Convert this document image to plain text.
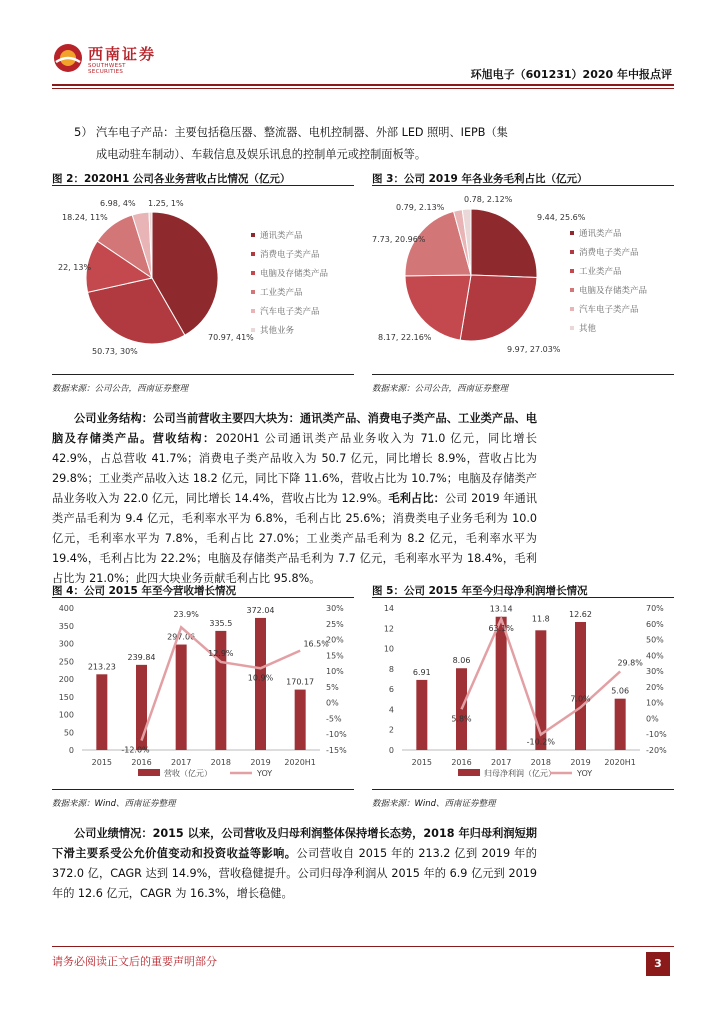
西南证券
SOUTHWEST SECURITIES	环旭电子（601231）2020 年中报点评
5） 汽车电子产品：主要包括稳压器、整流器、电机控制器、外部 LED 照明、IEPB（集
成电动驻车制动）、车载信息及娱乐讯息的控制单元或控制面板等。
图 2：2020H1 公司各业务营收占比情况（亿元）
70.97, 41%
50.73, 30%
22, 13%
18.24, 11%
6.98, 4% 1.25, 1%
通讯类产品
消费电子类产品
电脑及存储类产品
工业类产品
汽车电子类产品
其他业务
数据来源：公司公告，西南证券整理
图 3：公司 2019 年各业务毛利占比（亿元）
9.44, 25.6%
9.97, 27.03%
8.17, 22.16%
7.73, 20.96%
0.79, 2.13%
0.78, 2.12%
通讯类产品
消费电子类产品
工业类产品
电脑及存储类产品
汽车电子类产品
其他
数据来源：公司公告，西南证券整理
公司业务结构：公司当前营收主要四大块为：通讯类产品、消费电子类产品、工业类产品、电脑及存储类产品。营收结构：2020H1 公司通讯类产品业务收入为 71.0 亿元，同比增长 42.9%，占总营收 41.7%；消费电子类产品收入为 50.7 亿元，同比增长 8.9%，营收占比为 29.8%；工业类产品收入达 18.2 亿元，同比下降 11.6%，营收占比为 10.7%；电脑及存储类产品业务收入为 22.0 亿元，同比增长 14.4%，营收占比为 12.9%。毛利占比：公司 2019 年通讯类产品毛利为 9.4 亿元，毛利率水平为 6.8%，毛利占比 25.6%；消费类电子业务毛利为 10.0 亿元，毛利率水平为 7.8%，毛利占比 27.0%；工业类产品毛利为 8.2 亿元，毛利率水平为 19.4%，毛利占比为 22.2%；电脑及存储类产品毛利为 7.7 亿元，毛利率水平为 18.4%，毛利占比为 21.0%；此四大块业务贡献毛利占比 95.8%。
图 4：公司 2015 年至今营收增长情况
0
50
100
150
200
250
300
350
400
-15%
-10%
-5%
0%
5%
10%
15%
20%
25%
30%
213.23
2015
239.84
2016
297.06
2017
335.5
2018
372.04
2019
170.17
2020H1
-12.0%
23.9%
12.9%
10.9%
16.5%
营收（亿元）	YOY
数据来源：Wind、西南证券整理
图 5：公司 2015 年至今归母净利润增长情况
0
2
4
6
8
10
12
14
-20%
-10%
0%
10%
20%
30%
40%
50%
60%
70%
6.91
2015
8.06
2016
13.14
2017
11.8
2018
12.62
2019
5.06
2020H1
5.8%
63.1%
-10.2%
7.0%
29.8%
归母净利润（亿元）	YOY
数据来源：Wind、西南证券整理
公司业绩情况：2015 以来，公司营收及归母利润整体保持增长态势，2018 年归母利润短期下滑主要系受公允价值变动和投资收益等影响。公司营收自 2015 年的 213.2 亿到 2019 年的 372.0 亿，CAGR 达到 14.9%，营收稳健提升。公司归母净利润从 2015 年的 6.9 亿元到 2019 年的 12.6 亿元，CAGR 为 16.3%，增长稳健。
请务必阅读正文后的重要声明部分	3
